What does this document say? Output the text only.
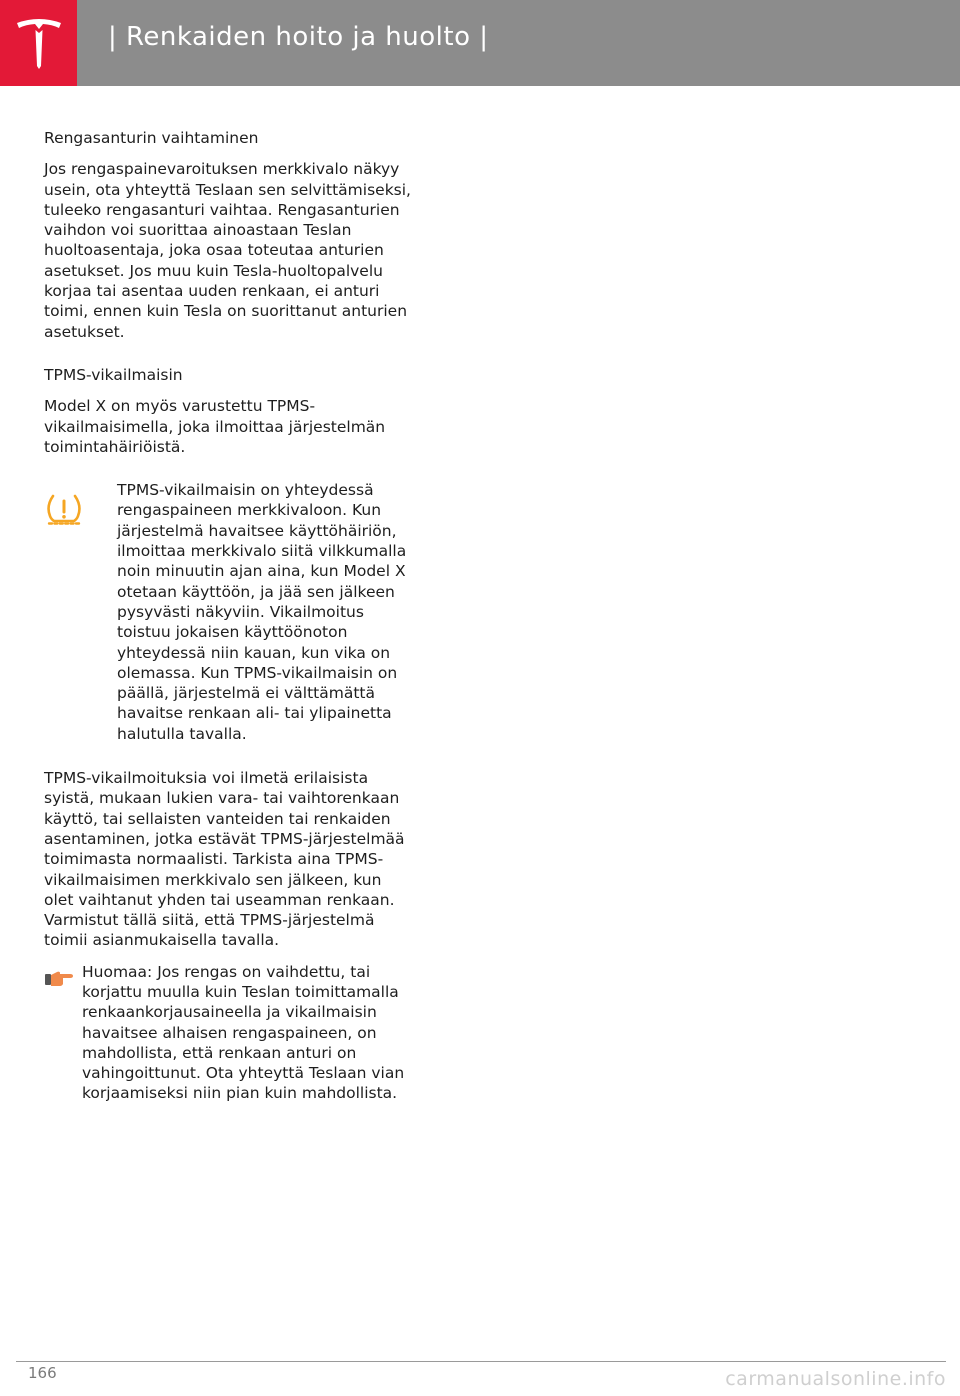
| Renkaiden hoito ja huolto |
Rengasanturin vaihtaminen
Jos rengaspainevaroituksen merkkivalo näkyy
usein, ota yhteyttä Teslaan sen selvittämiseksi,
tuleeko rengasanturi vaihtaa. Rengasanturien
vaihdon voi suorittaa ainoastaan Teslan
huoltoasentaja, joka osaa toteutaa anturien
asetukset. Jos muu kuin Tesla-huoltopalvelu
korjaa tai asentaa uuden renkaan, ei anturi
toimi, ennen kuin Tesla on suorittanut anturien
asetukset.
TPMS-vikailmaisin
Model X on myös varustettu TPMS-
vikailmaisimella, joka ilmoittaa järjestelmän
toimintahäiriöistä.
TPMS-vikailmaisin on yhteydessä
rengaspaineen merkkivaloon. Kun
järjestelmä havaitsee käyttöhäiriön,
ilmoittaa merkkivalo siitä vilkkumalla
noin minuutin ajan aina, kun Model X
otetaan käyttöön, ja jää sen jälkeen
pysyvästi näkyviin. Vikailmoitus
toistuu jokaisen käyttöönoton
yhteydessä niin kauan, kun vika on
olemassa. Kun TPMS-vikailmaisin on
päällä, järjestelmä ei välttämättä
havaitse renkaan ali- tai ylipainetta
halutulla tavalla.
TPMS-vikailmoituksia voi ilmetä erilaisista
syistä, mukaan lukien vara- tai vaihtorenkaan
käyttö, tai sellaisten vanteiden tai renkaiden
asentaminen, jotka estävät TPMS-järjestelmää
toimimasta normaalisti. Tarkista aina TPMS-
vikailmaisimen merkkivalo sen jälkeen, kun
olet vaihtanut yhden tai useamman renkaan.
Varmistut tällä siitä, että TPMS-järjestelmä
toimii asianmukaisella tavalla.
Huomaa: Jos rengas on vaihdettu, tai
korjattu muulla kuin Teslan toimittamalla
renkaankorjausaineella ja vikailmaisin
havaitsee alhaisen rengaspaineen, on
mahdollista, että renkaan anturi on
vahingoittunut. Ota yhteyttä Teslaan vian
korjaamiseksi niin pian kuin mahdollista.
166	carmanualsonline.info
